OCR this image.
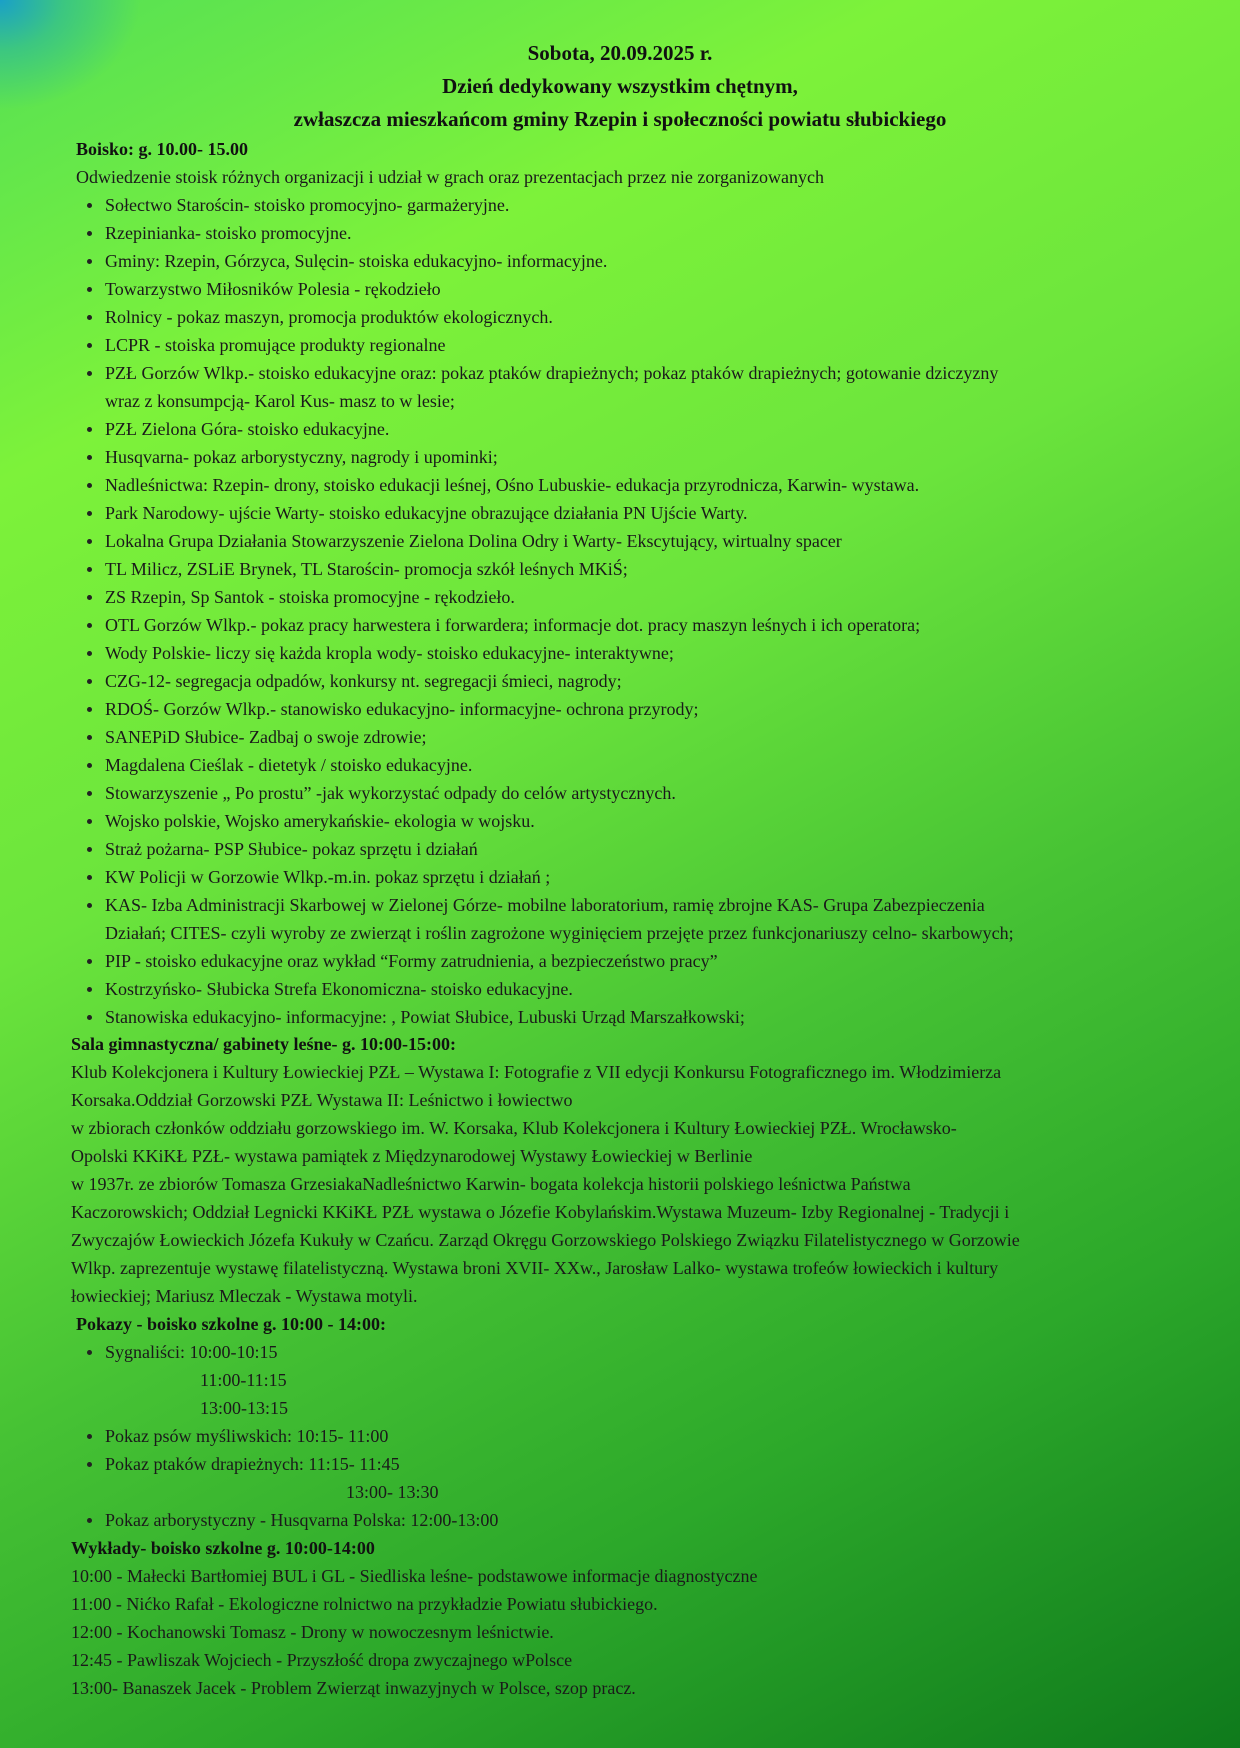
Sobota, 20.09.2025 r.
Dzień dedykowany wszystkim chętnym,
zwłaszcza mieszkańcom gminy Rzepin i społeczności powiatu słubickiego
Boisko: g. 10.00- 15.00
Odwiedzenie stoisk różnych organizacji i udział w grach oraz prezentacjach przez nie zorganizowanych
Sołectwo Starościn- stoisko promocyjno- garmażeryjne.
Rzepinianka- stoisko promocyjne.
Gminy: Rzepin, Górzyca, Sulęcin- stoiska edukacyjno- informacyjne.
Towarzystwo Miłosników Polesia - rękodzieło
Rolnicy - pokaz maszyn, promocja produktów ekologicznych.
LCPR - stoiska promujące produkty regionalne
PZŁ Gorzów Wlkp.- stoisko edukacyjne oraz: pokaz ptaków drapieżnych; pokaz ptaków drapieżnych; gotowanie dziczyzny
wraz z konsumpcją- Karol Kus- masz to w lesie;
PZŁ Zielona Góra- stoisko edukacyjne.
Husqvarna- pokaz arborystyczny, nagrody i upominki;
Nadleśnictwa: Rzepin- drony, stoisko edukacji leśnej, Ośno Lubuskie- edukacja przyrodnicza, Karwin- wystawa.
Park Narodowy- ujście Warty- stoisko edukacyjne obrazujące działania PN Ujście Warty.
Lokalna Grupa Działania Stowarzyszenie Zielona Dolina Odry i Warty- Ekscytujący, wirtualny spacer
TL Milicz, ZSLiE Brynek, TL Starościn- promocja szkół leśnych MKiŚ;
ZS Rzepin, Sp Santok - stoiska promocyjne - rękodzieło.
OTL Gorzów Wlkp.- pokaz pracy harwestera i forwardera; informacje dot. pracy maszyn leśnych i ich operatora;
Wody Polskie- liczy się każda kropla wody- stoisko edukacyjne- interaktywne;
CZG-12- segregacja odpadów, konkursy nt. segregacji śmieci, nagrody;
RDOŚ- Gorzów Wlkp.- stanowisko edukacyjno- informacyjne- ochrona przyrody;
SANEPiD Słubice- Zadbaj o swoje zdrowie;
Magdalena Cieślak - dietetyk / stoisko edukacyjne.
Stowarzyszenie „ Po prostu” -jak wykorzystać odpady do celów artystycznych.
Wojsko polskie, Wojsko amerykańskie- ekologia w wojsku.
Straż pożarna- PSP Słubice- pokaz sprzętu i działań
KW Policji w Gorzowie Wlkp.-m.in. pokaz sprzętu i działań ;
KAS- Izba Administracji Skarbowej w Zielonej Górze- mobilne laboratorium, ramię zbrojne KAS- Grupa Zabezpieczenia
Działań; CITES- czyli wyroby ze zwierząt i roślin zagrożone wyginięciem przejęte przez funkcjonariuszy celno- skarbowych;
PIP - stoisko edukacyjne oraz wykład “Formy zatrudnienia, a bezpieczeństwo pracy”
Kostrzyńsko- Słubicka Strefa Ekonomiczna- stoisko edukacyjne.
Stanowiska edukacyjno- informacyjne: , Powiat Słubice, Lubuski Urząd Marszałkowski;
Sala gimnastyczna/ gabinety leśne- g. 10:00-15:00:
Klub Kolekcjonera i Kultury Łowieckiej PZŁ – Wystawa I: Fotografie z VII edycji Konkursu Fotograficznego im. Włodzimierza
Korsaka.Oddział Gorzowski PZŁ Wystawa II: Leśnictwo i łowiectwo
w zbiorach członków oddziału gorzowskiego im. W. Korsaka, Klub Kolekcjonera i Kultury Łowieckiej PZŁ. Wrocławsko-
Opolski KKiKŁ PZŁ- wystawa pamiątek z Międzynarodowej Wystawy Łowieckiej w Berlinie
w 1937r. ze zbiorów Tomasza GrzesiakaNadleśnictwo Karwin- bogata kolekcja historii polskiego leśnictwa Państwa
Kaczorowskich; Oddział Legnicki KKiKŁ PZŁ wystawa o Józefie Kobylańskim.Wystawa Muzeum- Izby Regionalnej - Tradycji i
Zwyczajów Łowieckich Józefa Kukuły w Czańcu. Zarząd Okręgu Gorzowskiego Polskiego Związku Filatelistycznego w Gorzowie
Wlkp. zaprezentuje wystawę filatelistyczną. Wystawa broni XVII- XXw., Jarosław Lalko- wystawa trofeów łowieckich i kultury
łowieckiej; Mariusz Mleczak - Wystawa motyli.
Pokazy - boisko szkolne g. 10:00 - 14:00:
Sygnaliści: 10:00-10:15
11:00-11:15
13:00-13:15
Pokaz psów myśliwskich: 10:15- 11:00
Pokaz ptaków drapieżnych: 11:15- 11:45
13:00- 13:30
Pokaz arborystyczny - Husqvarna Polska: 12:00-13:00
Wykłady- boisko szkolne g. 10:00-14:00
10:00 - Małecki Bartłomiej BUL i GL - Siedliska leśne- podstawowe informacje diagnostyczne
11:00 - Nićko Rafał - Ekologiczne rolnictwo na przykładzie Powiatu słubickiego.
12:00 - Kochanowski Tomasz - Drony w nowoczesnym leśnictwie.
12:45 - Pawliszak Wojciech - Przyszłość dropa zwyczajnego wPolsce
13:00- Banaszek Jacek - Problem Zwierząt inwazyjnych w Polsce, szop pracz.
